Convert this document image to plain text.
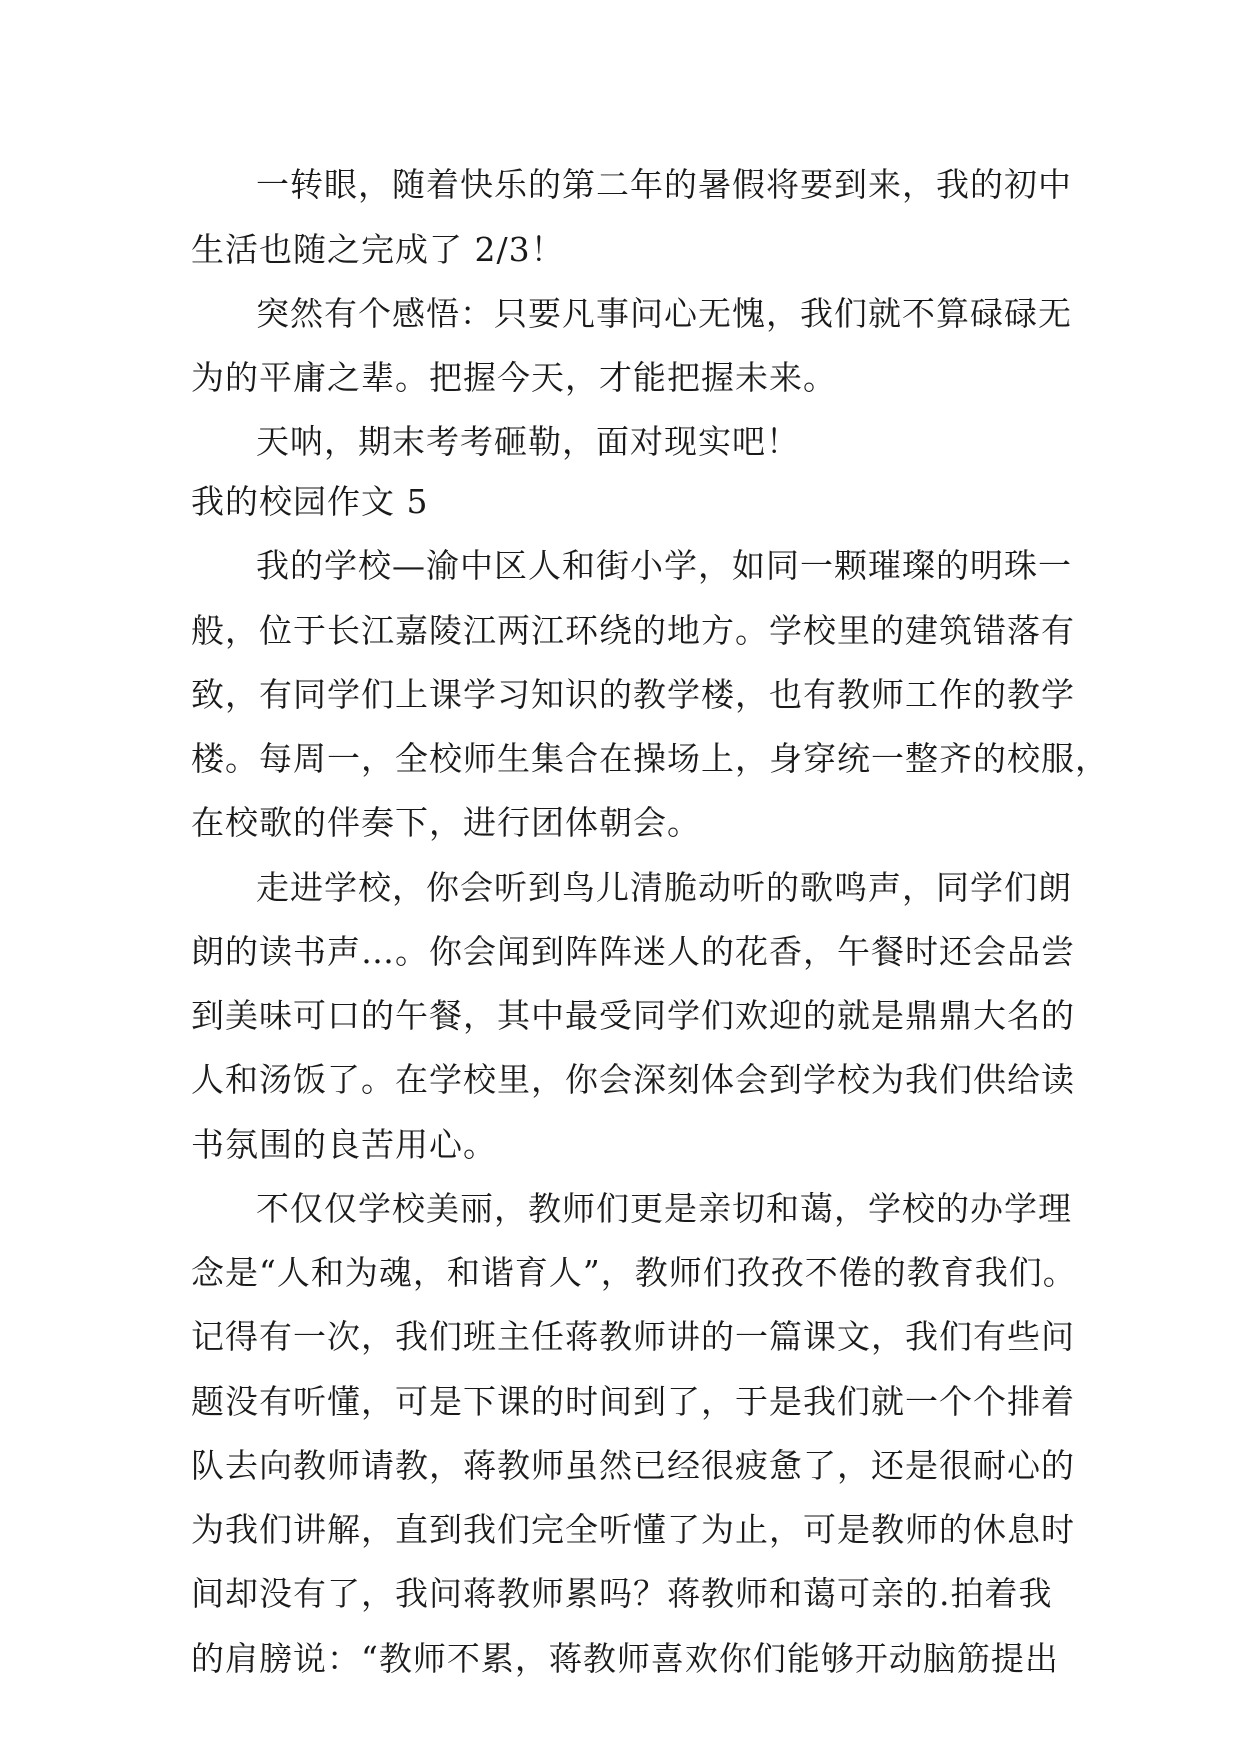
一转眼，随着快乐的第二年的暑假将要到来，我的初中
生活也随之完成了 2/3！
突然有个感悟：只要凡事问心无愧，我们就不算碌碌无
为的平庸之辈。把握今天，才能把握未来。
天呐，期末考考砸勒，面对现实吧！
我的校园作文 5
我的学校—渝中区人和街小学，如同一颗璀璨的明珠一
般，位于长江嘉陵江两江环绕的地方。学校里的建筑错落有
致，有同学们上课学习知识的教学楼，也有教师工作的教学
楼。每周一，全校师生集合在操场上，身穿统一整齐的校服，
在校歌的伴奏下，进行团体朝会。
走进学校，你会听到鸟儿清脆动听的歌鸣声，同学们朗
朗的读书声…。你会闻到阵阵迷人的花香，午餐时还会品尝
到美味可口的午餐，其中最受同学们欢迎的就是鼎鼎大名的
人和汤饭了。在学校里，你会深刻体会到学校为我们供给读
书氛围的良苦用心。
不仅仅学校美丽，教师们更是亲切和蔼，学校的办学理
念是“人和为魂，和谐育人”，教师们孜孜不倦的教育我们。
记得有一次，我们班主任蒋教师讲的一篇课文，我们有些问
题没有听懂，可是下课的时间到了，于是我们就一个个排着
队去向教师请教，蒋教师虽然已经很疲惫了，还是很耐心的
为我们讲解，直到我们完全听懂了为止，可是教师的休息时
间却没有了，我问蒋教师累吗？蒋教师和蔼可亲的.拍着我
的肩膀说：“教师不累，蒋教师喜欢你们能够开动脑筋提出
